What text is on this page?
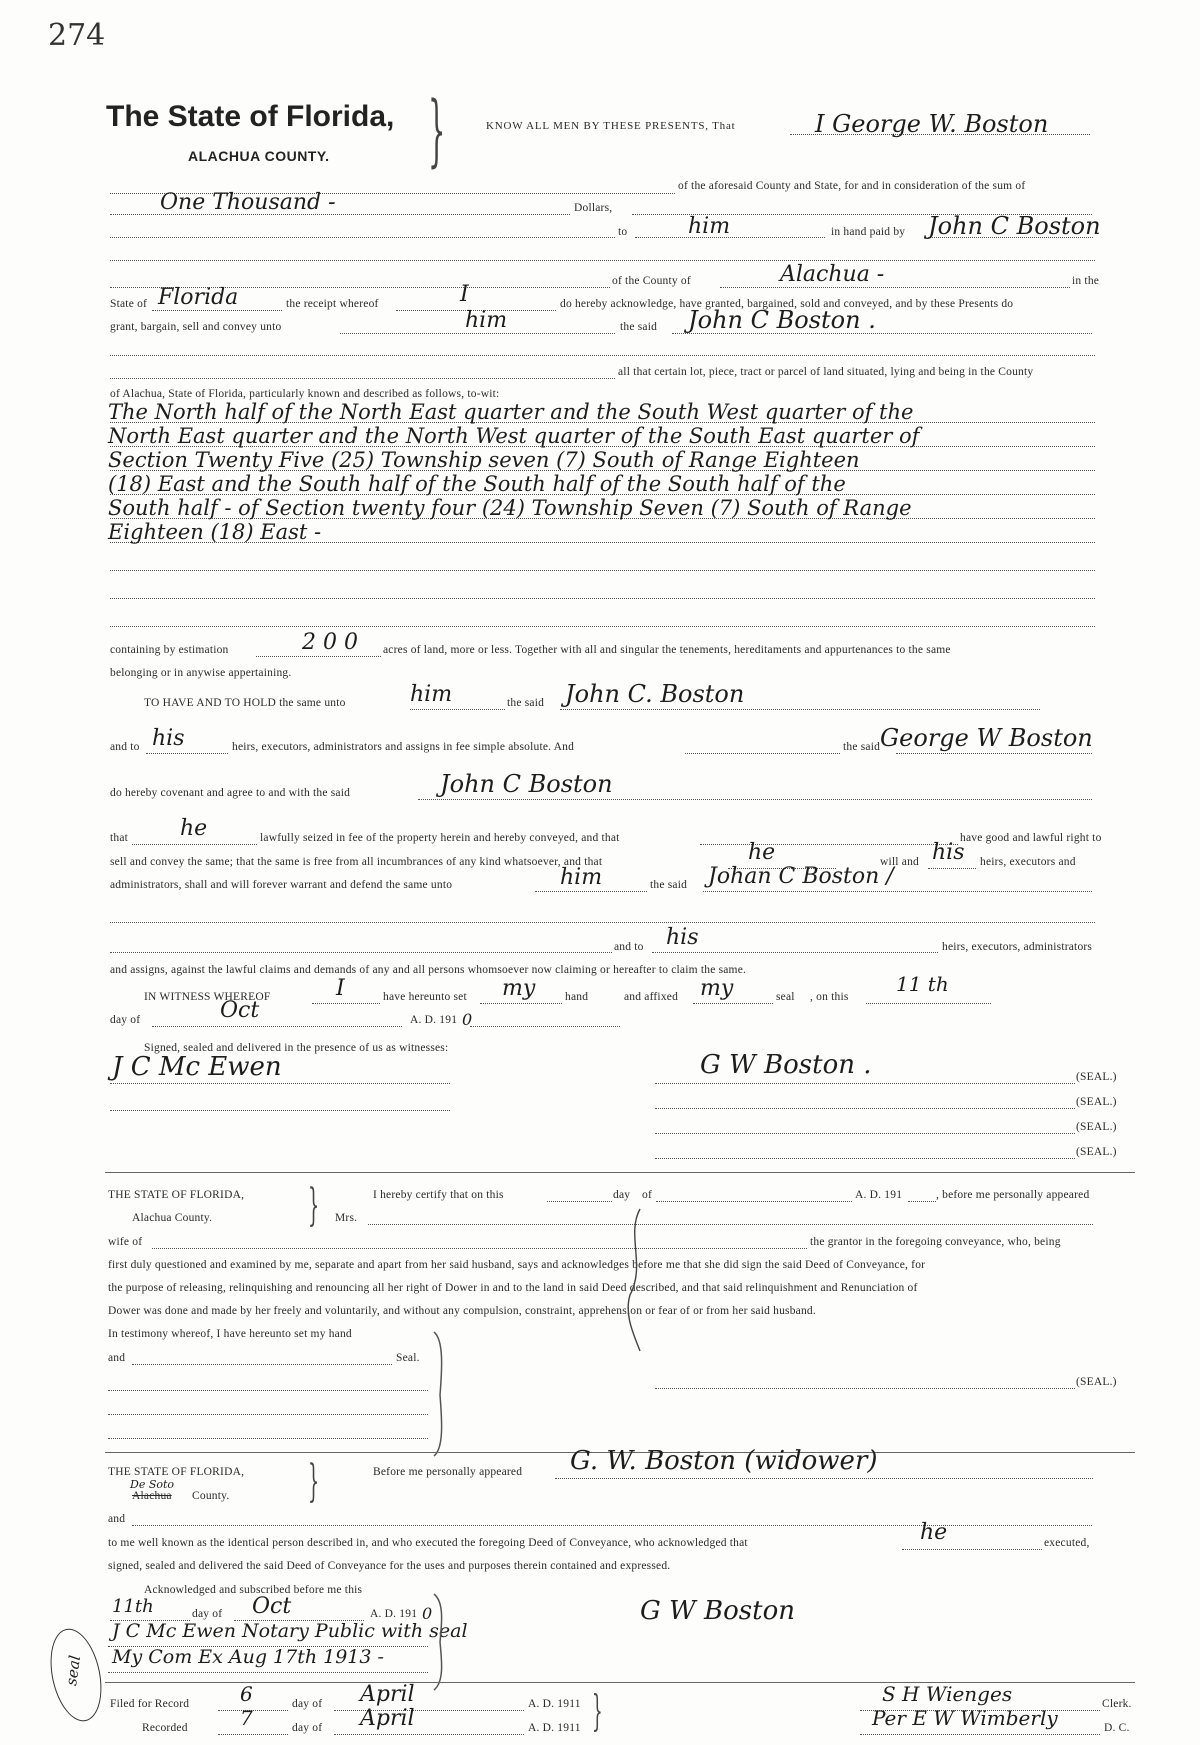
274
The State of Florida,
ALACHUA COUNTY. }	KNOW ALL MEN BY THESE PRESENTS, That	I George W. Boston
of the aforesaid County and State, for and in consideration of the sum of
One Thousand -	Dollars,
to	him	in hand paid by John C Boston
of the County of	Alachua -	in the
State of Florida	the receipt whereof	I	do hereby acknowledge, have granted, bargained, sold and conveyed, and by these Presents do
grant, bargain, sell and convey unto	him	the said John C Boston .
all that certain lot, piece, tract or parcel of land situated, lying and being in the County
of Alachua, State of Florida, particularly known and described as follows, to-wit:
The North half of the North East quarter and the South West quarter of the
North East quarter and the North West quarter of the South East quarter of
Section Twenty Five (25) Township seven (7) South of Range Eighteen
(18) East and the South half of the South half of the South half of the
South half - of Section twenty four (24) Township Seven (7) South of Range
Eighteen (18) East -
containing by estimation	2 0 0 acres of land, more or less. Together with all and singular the tenements, hereditaments and appurtenances to the same
belonging or in anywise appertaining.
TO HAVE AND TO HOLD the same unto	him	the said John C. Boston
and to his	heirs, executors, administrators and assigns in fee simple absolute. And	the said George W Boston
do hereby covenant and agree to and with the said	John C Boston
that he	lawfully seized in fee of the property herein and hereby conveyed, and that	have good and lawful right to
sell and convey the same; that the same is free from all incumbrances of any kind whatsoever, and that	he	will and his heirs, executors and
administrators, shall and will forever warrant and defend the same unto	him	the said Johan C Boston /
and to his	heirs, executors, administrators
and assigns, against the lawful claims and demands of any and all persons whomsoever now claiming or hereafter to claim the same.
IN WITNESS WHEREOF	I	have hereunto set my	hand	and affixed my	seal , on this
11 th
day of	Oct	A. D. 191 0
Signed, sealed and delivered in the presence of us as witnesses:
J C Mc Ewen	G W Boston .	(SEAL.)
(SEAL.)
(SEAL.)
(SEAL.)
THE STATE OF FLORIDA,
Alachua County. }	I hereby certify that on this	day of	A. D. 191	, before me personally appeared
Mrs.
wife of	the grantor in the foregoing conveyance, who, being
first duly questioned and examined by me, separate and apart from her said husband, says and acknowledges before me that she did sign the said Deed of Conveyance, for
the purpose of releasing, relinquishing and renouncing all her right of Dower in and to the land in said Deed described, and that said relinquishment and Renunciation of
Dower was done and made by her freely and voluntarily, and without any compulsion, constraint, apprehension or fear of or from her said husband.
In testimony whereof, I have hereunto set my hand
and	Seal.
(SEAL.)
THE STATE OF FLORIDA,
De Soto
Alachua County. }	Before me personally appeared G. W. Boston (widower)
and
to me well known as the identical person described in, and who executed the foregoing Deed of Conveyance, who acknowledged that	he	executed,
signed, sealed and delivered the said Deed of Conveyance for the uses and purposes therein contained and expressed.
Acknowledged and subscribed before me this
11th	day of Oct	A. D. 191 0
J C Mc Ewen Notary Public with seal
My Com Ex Aug 17th 1913 -
G W Boston
seal
Filed for Record	6	day of April	A. D. 1911
Recorded	7	day of April	A. D. 1911 }	S H Wienges	Clerk.
Per E W Wimberly	D. C.
